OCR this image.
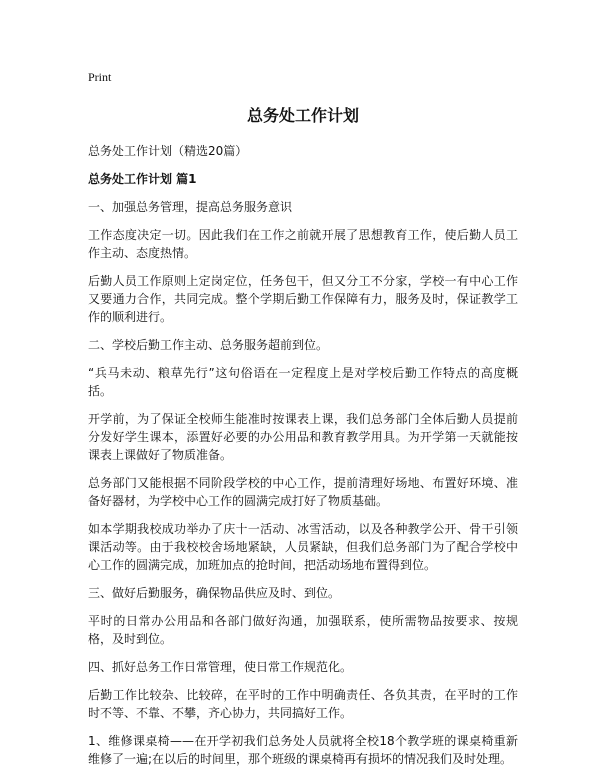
Print
总务处工作计划
总务处工作计划（精选20篇）
总务处工作计划 篇1
一、加强总务管理，提高总务服务意识
工作态度决定一切。因此我们在工作之前就开展了思想教育工作，使后勤人员工作主动、态度热情。
后勤人员工作原则上定岗定位，任务包干，但又分工不分家，学校一有中心工作又要通力合作，共同完成。整个学期后勤工作保障有力，服务及时，保证教学工作的顺利进行。
二、学校后勤工作主动、总务服务超前到位。
“兵马未动、粮草先行”这句俗语在一定程度上是对学校后勤工作特点的高度概括。
开学前，为了保证全校师生能准时按课表上课，我们总务部门全体后勤人员提前分发好学生课本，添置好必要的办公用品和教育教学用具。为开学第一天就能按课表上课做好了物质准备。
总务部门又能根据不同阶段学校的中心工作，提前清理好场地、布置好环境、准备好器材，为学校中心工作的圆满完成打好了物质基础。
如本学期我校成功举办了庆十一活动、冰雪活动，以及各种教学公开、骨干引领课活动等。由于我校校舍场地紧缺，人员紧缺，但我们总务部门为了配合学校中心工作的圆满完成，加班加点的抢时间，把活动场地布置得到位。
三、做好后勤服务，确保物品供应及时、到位。
平时的日常办公用品和各部门做好沟通，加强联系，使所需物品按要求、按规格，及时到位。
四、抓好总务工作日常管理，使日常工作规范化。
后勤工作比较杂、比较碎，在平时的工作中明确责任、各负其责，在平时的工作时不等、不靠、不攀，齐心协力，共同搞好工作。
1、维修课桌椅——在开学初我们总务处人员就将全校18个教学班的课桌椅重新维修了一遍;在以后的时间里，那个班级的课桌椅再有损坏的情况我们及时处理。
